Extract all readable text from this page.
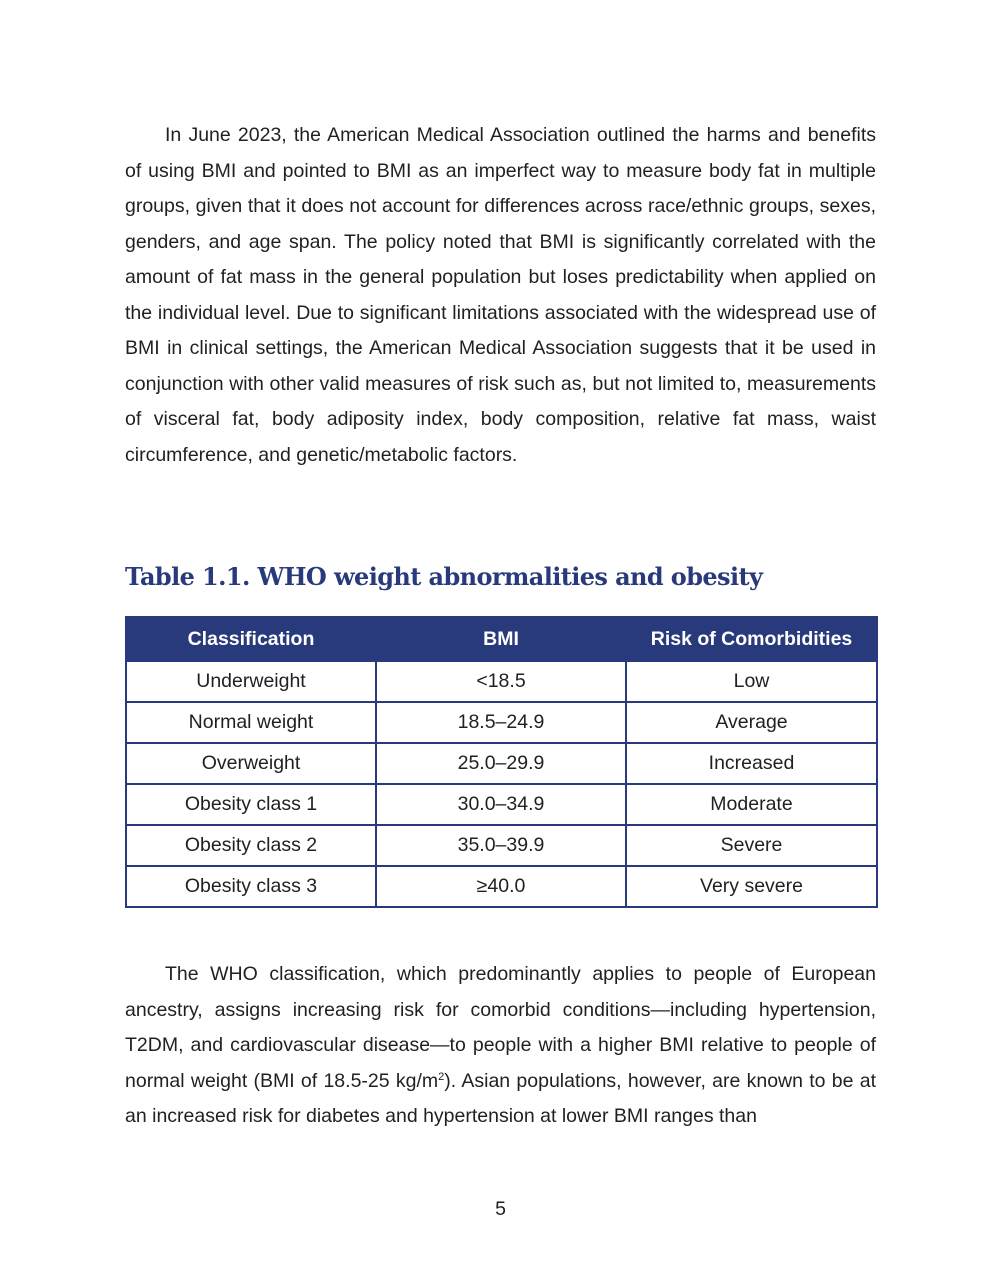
In June 2023, the American Medical Association outlined the harms and benefits of using BMI and pointed to BMI as an imperfect way to measure body fat in multiple groups, given that it does not account for differences across race/ethnic groups, sexes, genders, and age span. The policy noted that BMI is significantly correlated with the amount of fat mass in the general population but loses predictability when applied on the individual level. Due to significant limitations associated with the widespread use of BMI in clinical settings, the American Medical Association suggests that it be used in conjunction with other valid measures of risk such as, but not limited to, measurements of visceral fat, body adiposity index, body composition, relative fat mass, waist circumference, and genetic/metabolic factors.

Table 1.1. WHO weight abnormalities and obesity
Classification	BMI	Risk of Comorbidities
Underweight	<18.5	Low
Normal weight	18.5–24.9	Average
Overweight	25.0–29.9	Increased
Obesity class 1	30.0–34.9	Moderate
Obesity class 2	35.0–39.9	Severe
Obesity class 3	≥40.0	Very severe

The WHO classification, which predominantly applies to people of European ancestry, assigns increasing risk for comorbid conditions—including hypertension, T2DM, and cardiovascular disease—to people with a higher BMI relative to people of normal weight (BMI of 18.5-25 $kg/m^2$). Asian populations, however, are known to be at an increased risk for diabetes and hypertension at lower BMI ranges than

5
